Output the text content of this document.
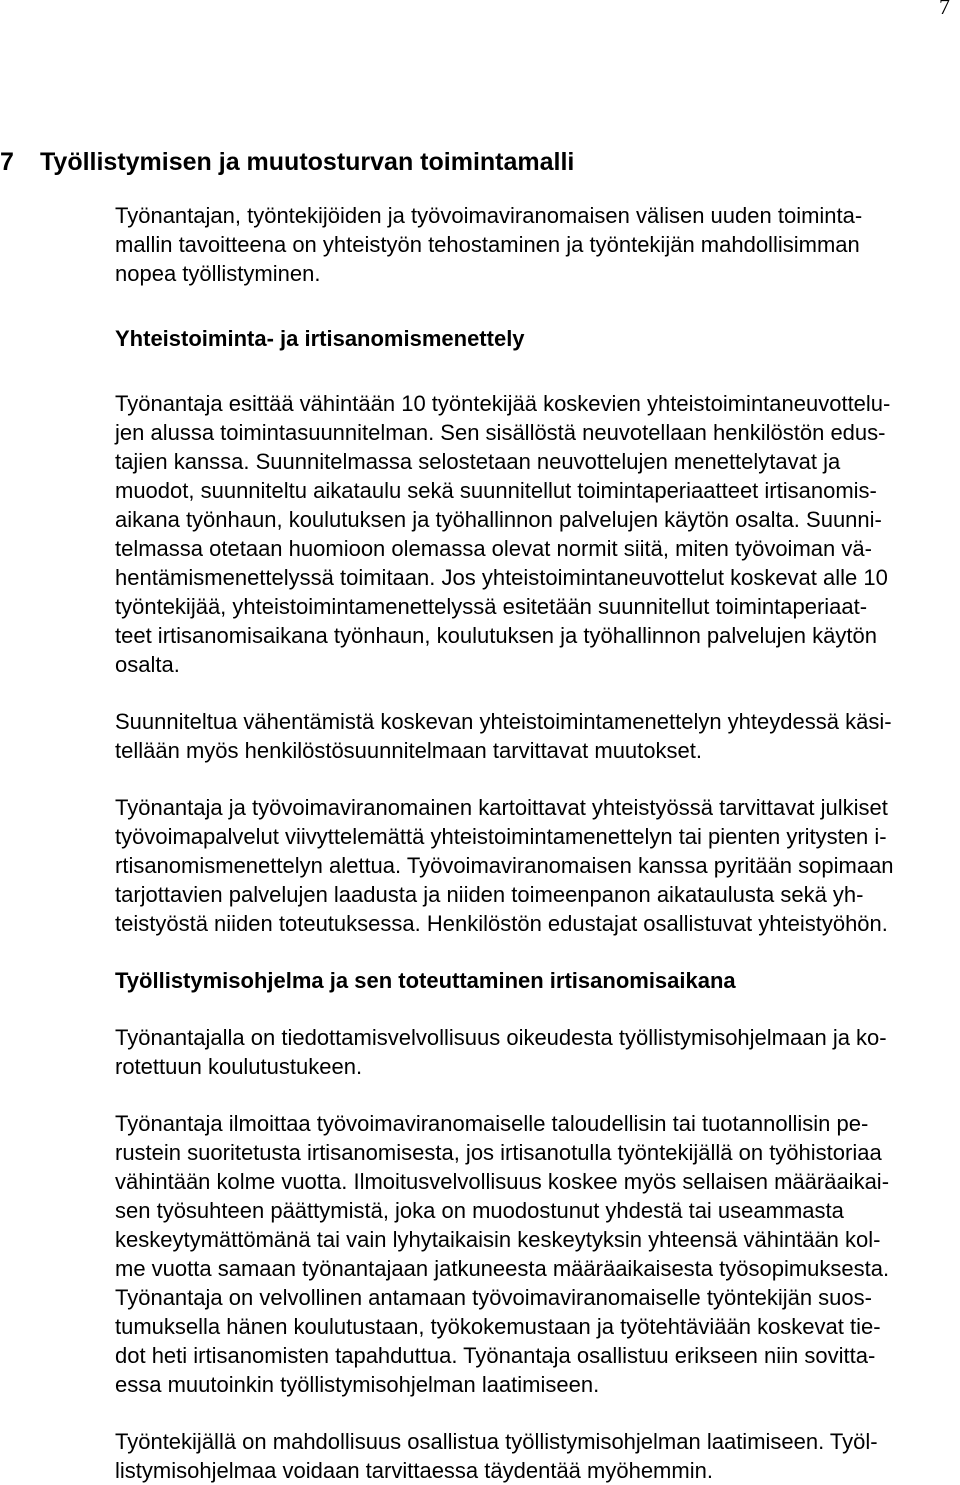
7
7 Työllistymisen ja muutosturvan toimintamalli

Työnantajan, työntekijöiden ja työvoimaviranomaisen välisen uuden toiminta-
mallin tavoitteena on yhteistyön tehostaminen ja työntekijän mahdollisimman
nopea työllistyminen.

Yhteistoiminta- ja irtisanomismenettely

Työnantaja esittää vähintään 10 työntekijää koskevien yhteistoimintaneuvottelu-
jen alussa toimintasuunnitelman. Sen sisällöstä neuvotellaan henkilöstön edus-
tajien kanssa. Suunnitelmassa selostetaan neuvottelujen menettelytavat ja
muodot, suunniteltu aikataulu sekä suunnitellut toimintaperiaatteet irtisanomis-
aikana työnhaun, koulutuksen ja työhallinnon palvelujen käytön osalta. Suunni-
telmassa otetaan huomioon olemassa olevat normit siitä, miten työvoiman vä-
hentämismenettelyssä toimitaan. Jos yhteistoimintaneuvottelut koskevat alle 10
työntekijää, yhteistoimintamenettelyssä esitetään suunnitellut toimintaperiaat-
teet irtisanomisaikana työnhaun, koulutuksen ja työhallinnon palvelujen käytön
osalta.

Suunniteltua vähentämistä koskevan yhteistoimintamenettelyn yhteydessä käsi-
tellään myös henkilöstösuunnitelmaan tarvittavat muutokset.

Työnantaja ja työvoimaviranomainen kartoittavat yhteistyössä tarvittavat julkiset
työvoimapalvelut viivyttelemättä yhteistoimintamenettelyn tai pienten yritysten i-
rtisanomismenettelyn alettua. Työvoimaviranomaisen kanssa pyritään sopimaan
tarjottavien palvelujen laadusta ja niiden toimeenpanon aikataulusta sekä yh-
teistyöstä niiden toteutuksessa. Henkilöstön edustajat osallistuvat yhteistyöhön.

Työllistymisohjelma ja sen toteuttaminen irtisanomisaikana

Työnantajalla on tiedottamisvelvollisuus oikeudesta työllistymisohjelmaan ja ko-
rotettuun koulutustukeen.

Työnantaja ilmoittaa työvoimaviranomaiselle taloudellisin tai tuotannollisin pe-
rustein suoritetusta irtisanomisesta, jos irtisanotulla työntekijällä on työhistoriaa
vähintään kolme vuotta. Ilmoitusvelvollisuus koskee myös sellaisen määräaikai-
sen työsuhteen päättymistä, joka on muodostunut yhdestä tai useammasta
keskeytymättömänä tai vain lyhytaikaisin keskeytyksin yhteensä vähintään kol-
me vuotta samaan työnantajaan jatkuneesta määräaikaisesta työsopimuksesta.
Työnantaja on velvollinen antamaan työvoimaviranomaiselle työntekijän suos-
tumuksella hänen koulutustaan, työkokemustaan ja työtehtäviään koskevat tie-
dot heti irtisanomisten tapahduttua. Työnantaja osallistuu erikseen niin sovitta-
essa muutoinkin työllistymisohjelman laatimiseen.

Työntekijällä on mahdollisuus osallistua työllistymisohjelman laatimiseen. Työl-
listymisohjelmaa voidaan tarvittaessa täydentää myöhemmin.
